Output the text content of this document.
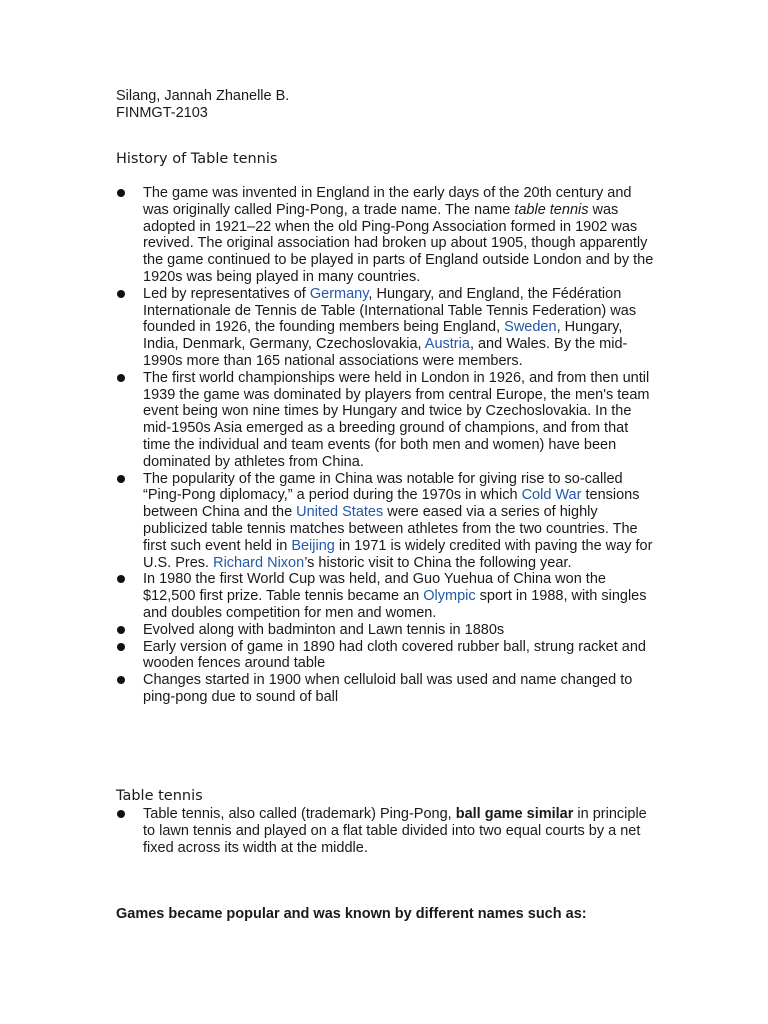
Silang, Jannah Zhanelle B.
FINMGT-2103
History of Table tennis
The game was invented in England in the early days of the 20th century and was originally called Ping-Pong, a trade name. The name table tennis was adopted in 1921–22 when the old Ping-Pong Association formed in 1902 was revived. The original association had broken up about 1905, though apparently the game continued to be played in parts of England outside London and by the 1920s was being played in many countries.
Led by representatives of Germany, Hungary, and England, the Fédération Internationale de Tennis de Table (International Table Tennis Federation) was founded in 1926, the founding members being England, Sweden, Hungary, India, Denmark, Germany, Czechoslovakia, Austria, and Wales. By the mid-1990s more than 165 national associations were members.
The first world championships were held in London in 1926, and from then until 1939 the game was dominated by players from central Europe, the men's team event being won nine times by Hungary and twice by Czechoslovakia. In the mid-1950s Asia emerged as a breeding ground of champions, and from that time the individual and team events (for both men and women) have been dominated by athletes from China.
The popularity of the game in China was notable for giving rise to so-called “Ping-Pong diplomacy,” a period during the 1970s in which Cold War tensions between China and the United States were eased via a series of highly publicized table tennis matches between athletes from the two countries. The first such event held in Beijing in 1971 is widely credited with paving the way for U.S. Pres. Richard Nixon’s historic visit to China the following year.
In 1980 the first World Cup was held, and Guo Yuehua of China won the $12,500 first prize. Table tennis became an Olympic sport in 1988, with singles and doubles competition for men and women.
Evolved along with badminton and Lawn tennis in 1880s
Early version of game in 1890 had cloth covered rubber ball, strung racket and wooden fences around table
Changes started in 1900 when celluloid ball was used and name changed to ping-pong due to sound of ball
Table tennis
Table tennis, also called (trademark) Ping-Pong, ball game similar in principle to lawn tennis and played on a flat table divided into two equal courts by a net fixed across its width at the middle.
Games became popular and was known by different names such as:
